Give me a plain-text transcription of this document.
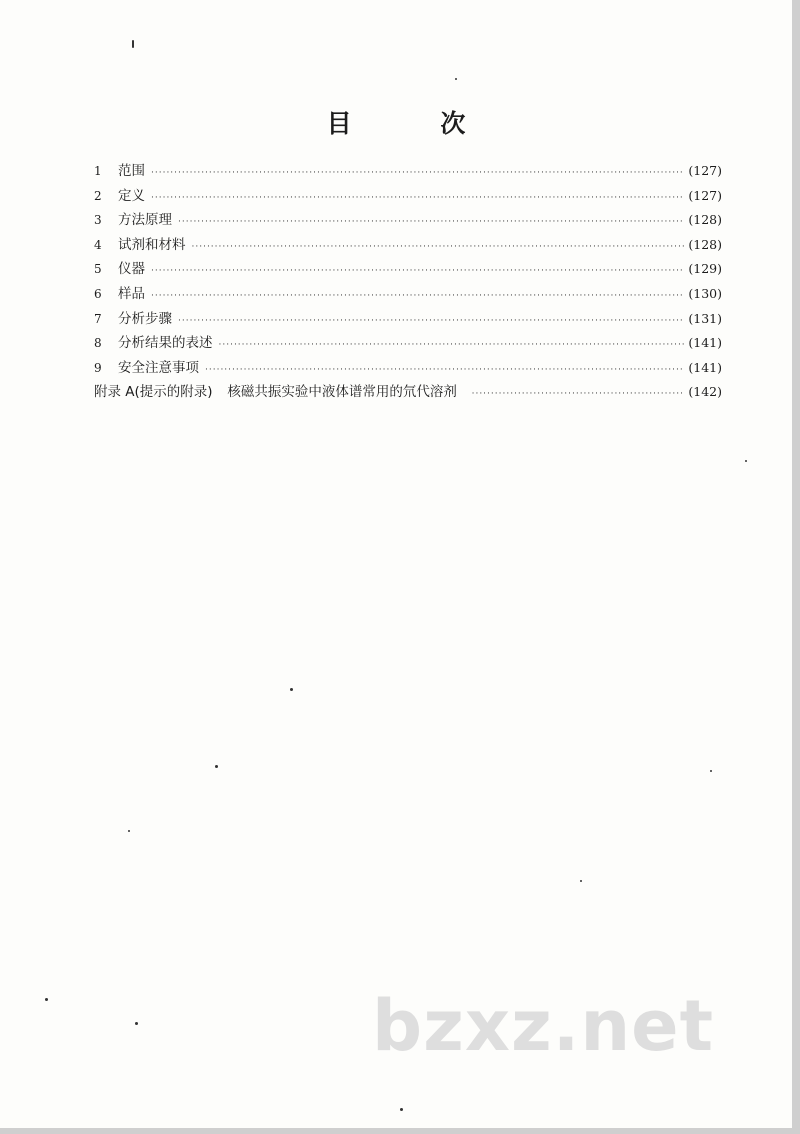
目 次
1	范围 ·····	(127)
2	定义 ·····	(127)
3	方法原理 ·····	(128)
4	试剂和材料 ·····	(128)
5	仪器 ·····	(129)
6	样品 ·····	(130)
7	分析步骤 ·····	(131)
8	分析结果的表述 ·····	(141)
9	安全注意事项 ·····	(141)
附录 A(提示的附录)	核磁共振实验中液体谱常用的氘代溶剂 ·····	(142)
bzxz.net
